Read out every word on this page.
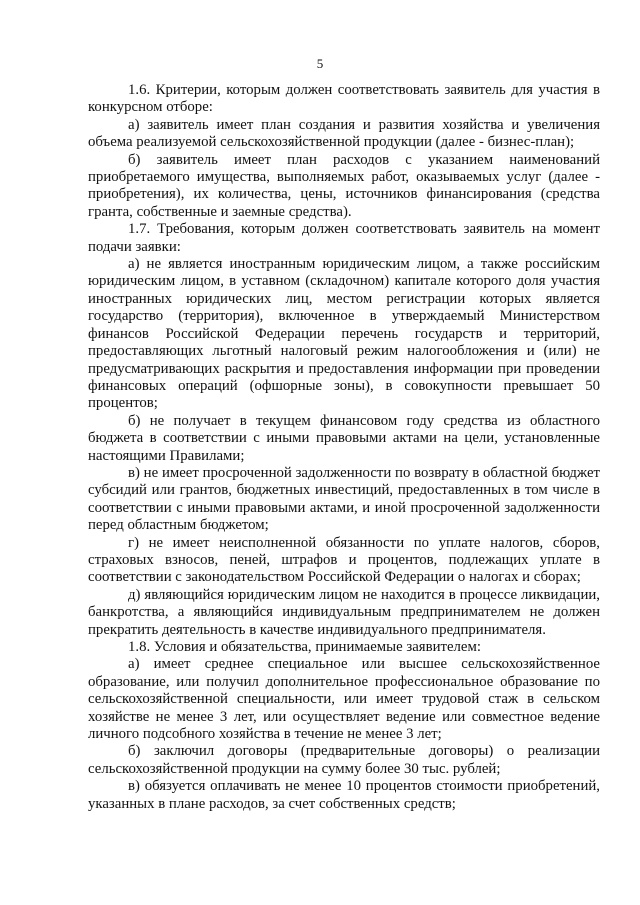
5

1.6. Критерии, которым должен соответствовать заявитель для участия в конкурсном отборе:

а) заявитель имеет план создания и развития хозяйства и увеличения объема реализуемой сельскохозяйственной продукции (далее - бизнес-план);

б) заявитель имеет план расходов с указанием наименований приобретаемого имущества, выполняемых работ, оказываемых услуг (далее - приобретения), их количества, цены, источников финансирования (средства гранта, собственные и заемные средства).

1.7. Требования, которым должен соответствовать заявитель на момент подачи заявки:

а) не является иностранным юридическим лицом, а также российским юридическим лицом, в уставном (складочном) капитале которого доля участия иностранных юридических лиц, местом регистрации которых является государство (территория), включенное в утверждаемый Министерством финансов Российской Федерации перечень государств и территорий, предоставляющих льготный налоговый режим налогообложения и (или) не предусматривающих раскрытия и предоставления информации при проведении финансовых операций (офшорные зоны), в совокупности превышает 50 процентов;

б) не получает в текущем финансовом году средства из областного бюджета в соответствии с иными правовыми актами на цели, установленные настоящими Правилами;

в) не имеет просроченной задолженности по возврату в областной бюджет субсидий или грантов, бюджетных инвестиций, предоставленных в том числе в соответствии с иными правовыми актами, и иной просроченной задолженности перед областным бюджетом;

г) не имеет неисполненной обязанности по уплате налогов, сборов, страховых взносов, пеней, штрафов и процентов, подлежащих уплате в соответствии с законодательством Российской Федерации о налогах и сборах;

д) являющийся юридическим лицом не находится в процессе ликвидации, банкротства, а являющийся индивидуальным предпринимателем не должен прекратить деятельность в качестве индивидуального предпринимателя.

1.8. Условия и обязательства, принимаемые заявителем:

а) имеет среднее специальное или высшее сельскохозяйственное образование, или получил дополнительное профессиональное образование по сельскохозяйственной специальности, или имеет трудовой стаж в сельском хозяйстве не менее 3 лет, или осуществляет ведение или совместное ведение личного подсобного хозяйства в течение не менее 3 лет;

б) заключил договоры (предварительные договоры) о реализации сельскохозяйственной продукции на сумму более 30 тыс. рублей;

в) обязуется оплачивать не менее 10 процентов стоимости приобретений, указанных в плане расходов, за счет собственных средств;
